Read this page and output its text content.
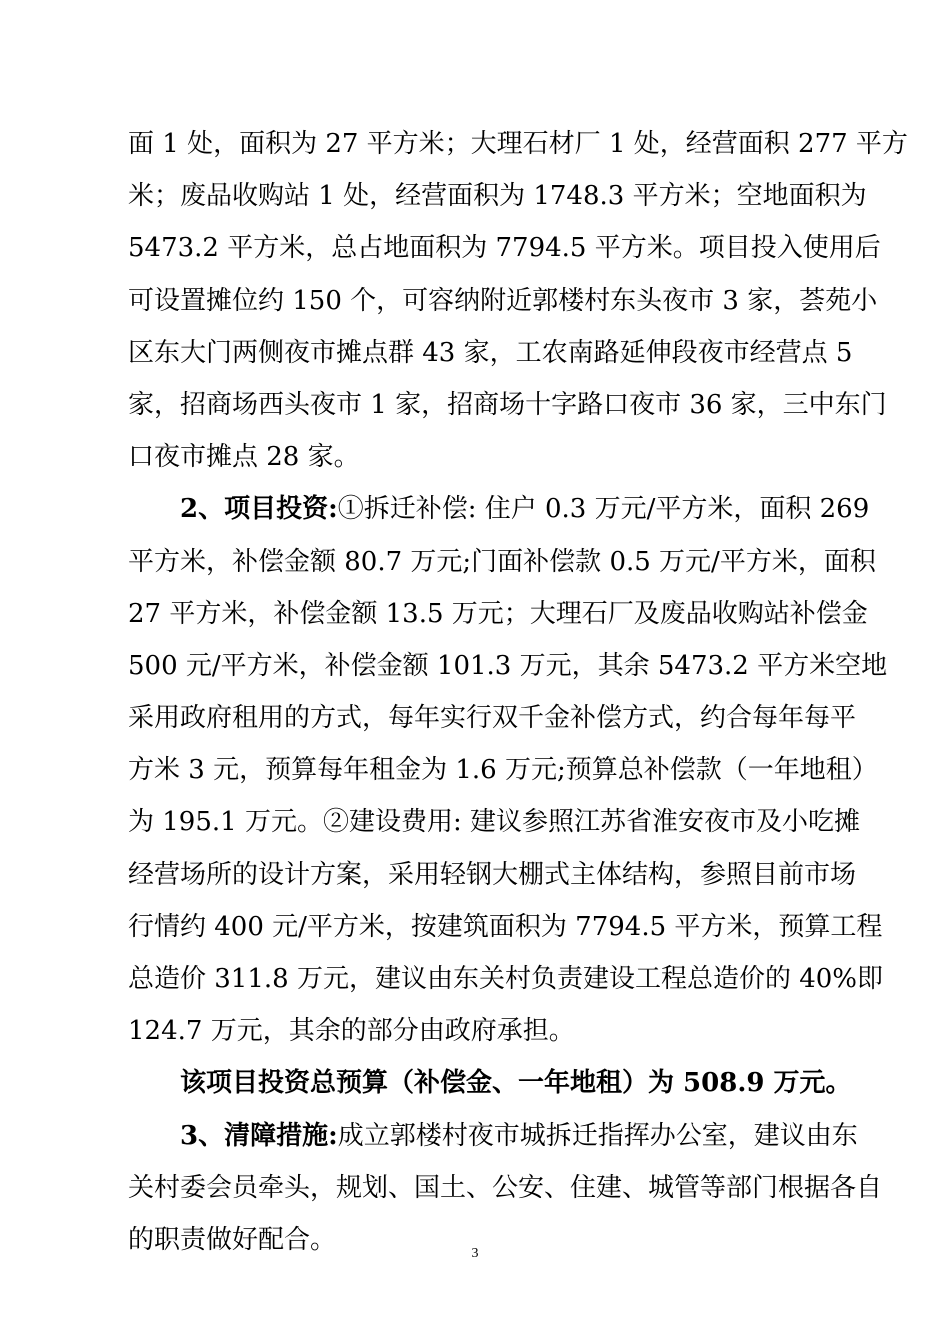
面 1 处，面积为 27 平方米；大理石材厂 1 处，经营面积 277 平方
米；废品收购站 1 处，经营面积为 1748.3 平方米；空地面积为
5473.2 平方米，总占地面积为 7794.5 平方米。项目投入使用后
可设置摊位约 150 个，可容纳附近郭楼村东头夜市 3 家，荟苑小
区东大门两侧夜市摊点群 43 家，工农南路延伸段夜市经营点 5
家，招商场西头夜市 1 家，招商场十字路口夜市 36 家，三中东门
口夜市摊点 28 家。
2、项目投资:①拆迁补偿: 住户 0.3 万元/平方米，面积 269
平方米，补偿金额 80.7 万元;门面补偿款 0.5 万元/平方米，面积
27 平方米，补偿金额 13.5 万元；大理石厂及废品收购站补偿金
500 元/平方米，补偿金额 101.3 万元，其余 5473.2 平方米空地
采用政府租用的方式，每年实行双千金补偿方式，约合每年每平
方米 3 元，预算每年租金为 1.6 万元;预算总补偿款（一年地租）
为 195.1 万元。②建设费用: 建议参照江苏省淮安夜市及小吃摊
经营场所的设计方案，采用轻钢大棚式主体结构，参照目前市场
行情约 400 元/平方米，按建筑面积为 7794.5 平方米，预算工程
总造价 311.8 万元，建议由东关村负责建设工程总造价的 40%即
124.7 万元，其余的部分由政府承担。
该项目投资总预算（补偿金、一年地租）为 508.9 万元。
3、清障措施:成立郭楼村夜市城拆迁指挥办公室，建议由东
关村委会员牵头，规划、国土、公安、住建、城管等部门根据各自
的职责做好配合。	3
